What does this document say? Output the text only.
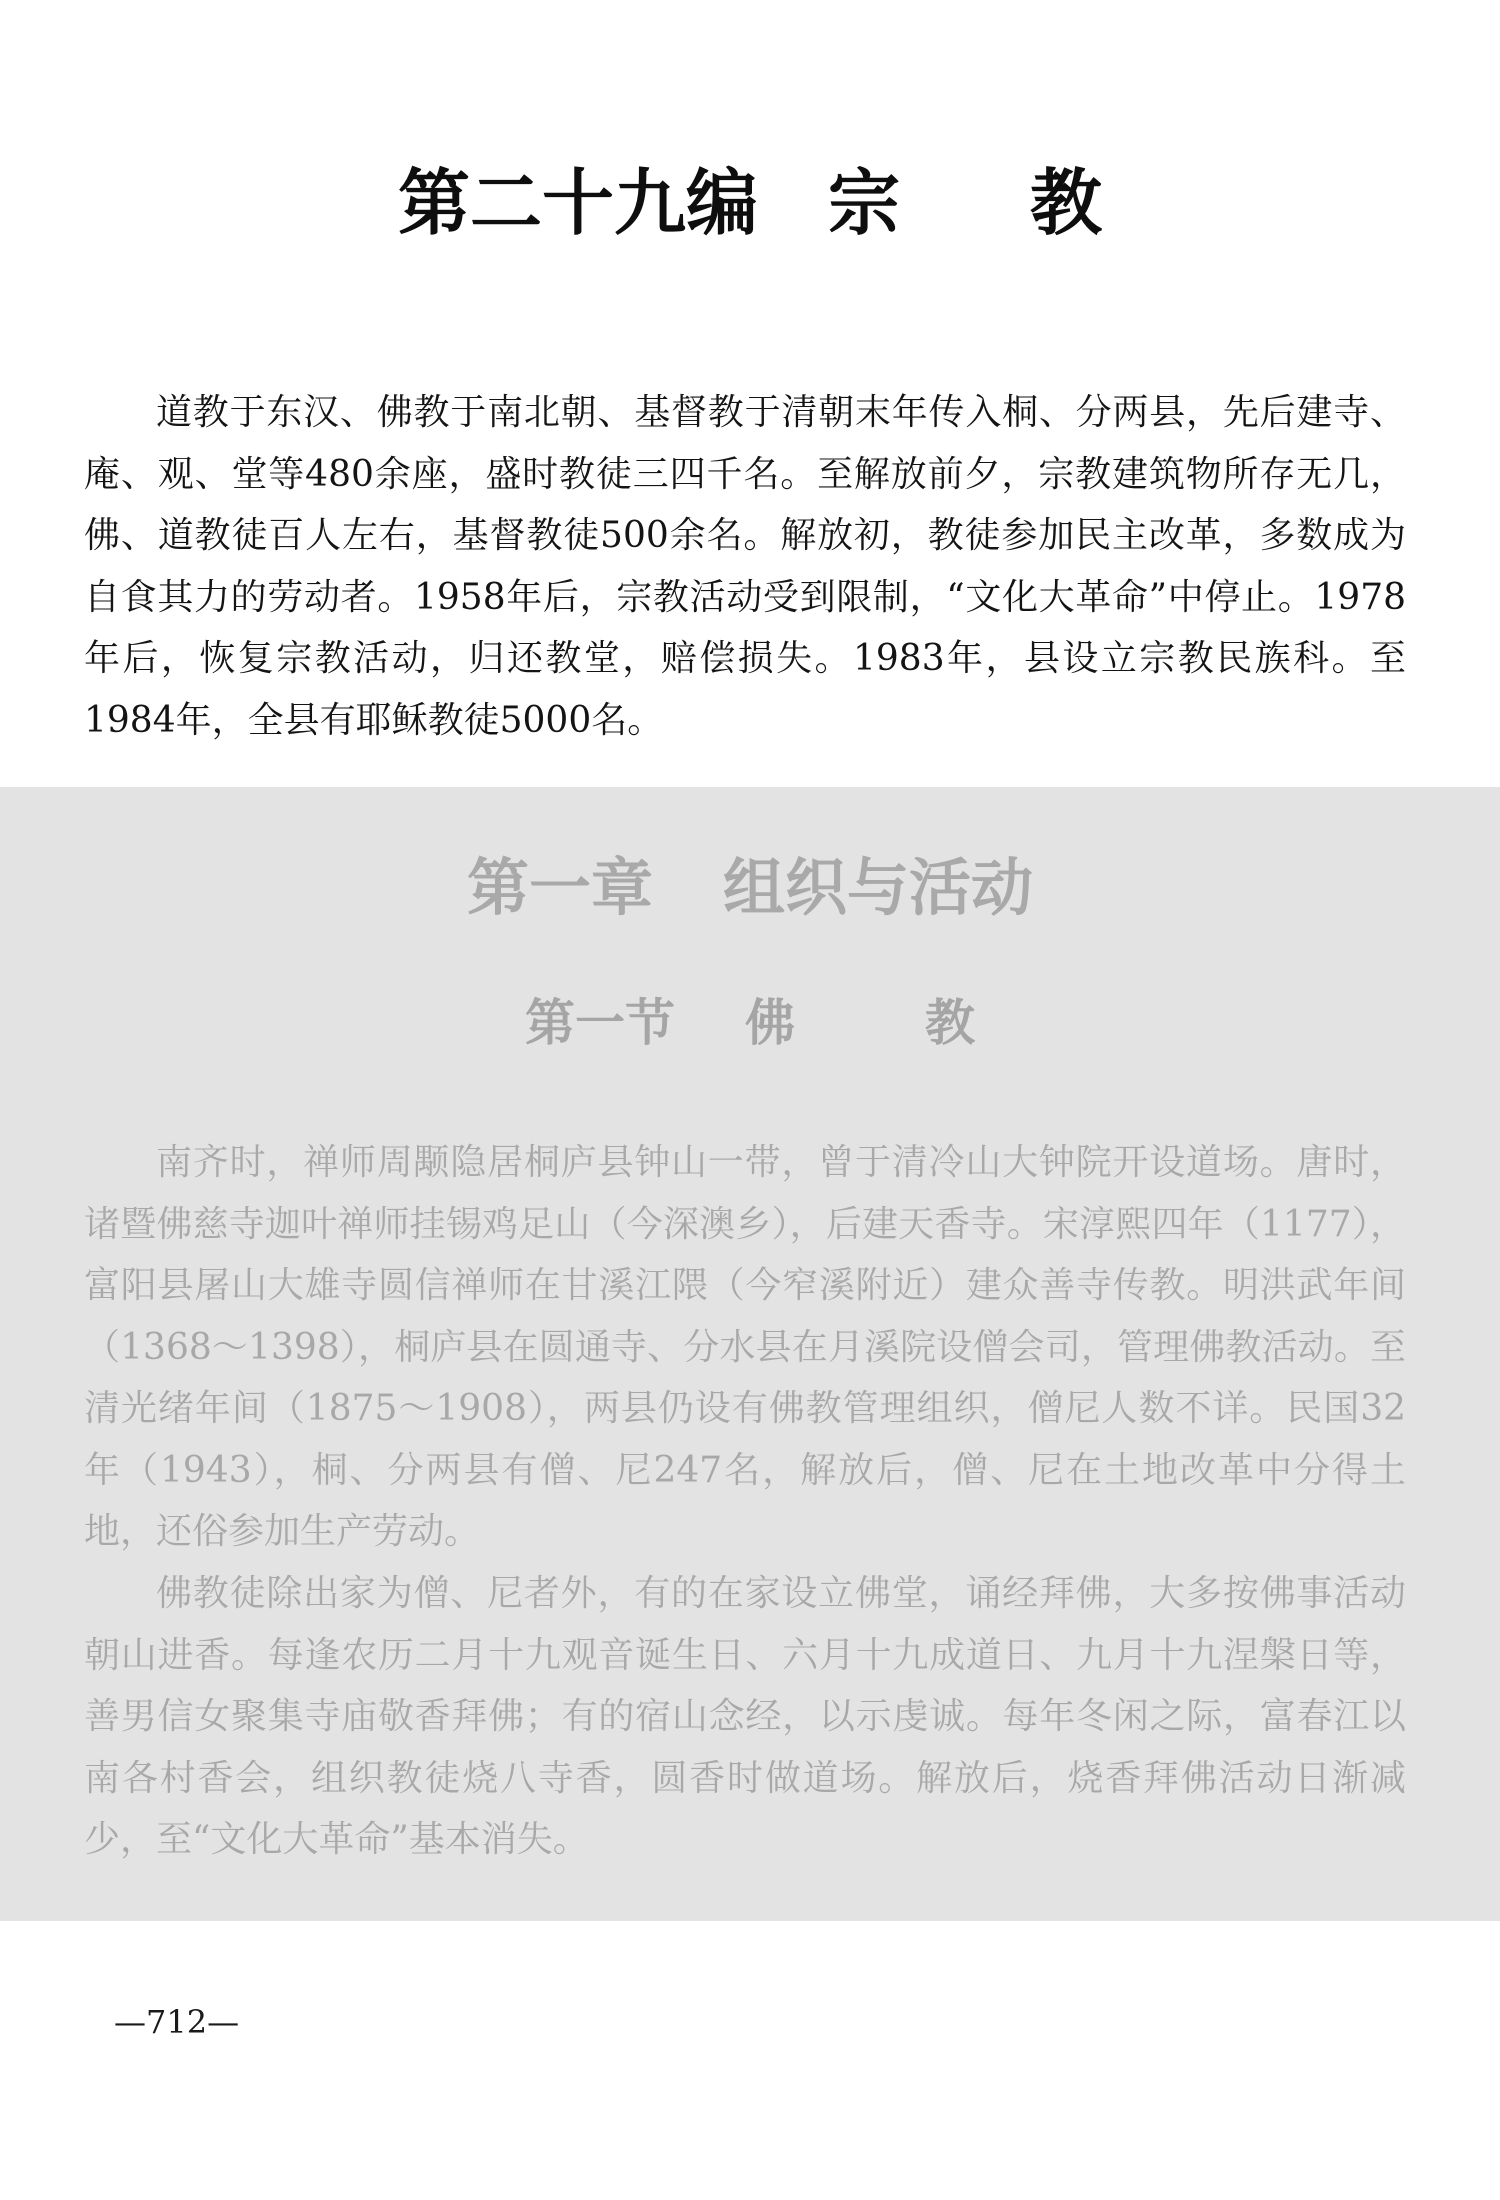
第二十九编 宗 教

道教于东汉、佛教于南北朝、基督教于清朝末年传入桐、分两县，先后建寺、庵、观、堂等480余座，盛时教徒三四千名。至解放前夕，宗教建筑物所存无几，佛、道教徒百人左右，基督教徒500余名。解放初，教徒参加民主改革，多数成为自食其力的劳动者。1958年后，宗教活动受到限制，“文化大革命”中停止。1978年后，恢复宗教活动，归还教堂，赔偿损失。1983年，县设立宗教民族科。至1984年，全县有耶稣教徒5000名。

第一章 组织与活动
第一节 佛	教

南齐时，禅师周颙隐居桐庐县钟山一带，曾于清冷山大钟院开设道场。唐时，诸暨佛慈寺迦叶禅师挂锡鸡足山（今深澳乡），后建天香寺。宋淳熙四年（1177），富阳县屠山大雄寺圆信禅师在甘溪江隈（今窄溪附近）建众善寺传教。明洪武年间（1368～1398），桐庐县在圆通寺、分水县在月溪院设僧会司，管理佛教活动。至清光绪年间（1875～1908），两县仍设有佛教管理组织，僧尼人数不详。民国32年（1943），桐、分两县有僧、尼247名，解放后，僧、尼在土地改革中分得土地，还俗参加生产劳动。

佛教徒除出家为僧、尼者外，有的在家设立佛堂，诵经拜佛，大多按佛事活动朝山进香。每逢农历二月十九观音诞生日、六月十九成道日、九月十九涅槃日等，善男信女聚集寺庙敬香拜佛；有的宿山念经，以示虔诚。每年冬闲之际，富春江以南各村香会，组织教徒烧八寺香，圆香时做道场。解放后，烧香拜佛活动日渐减少，至“文化大革命”基本消失。

—712—
